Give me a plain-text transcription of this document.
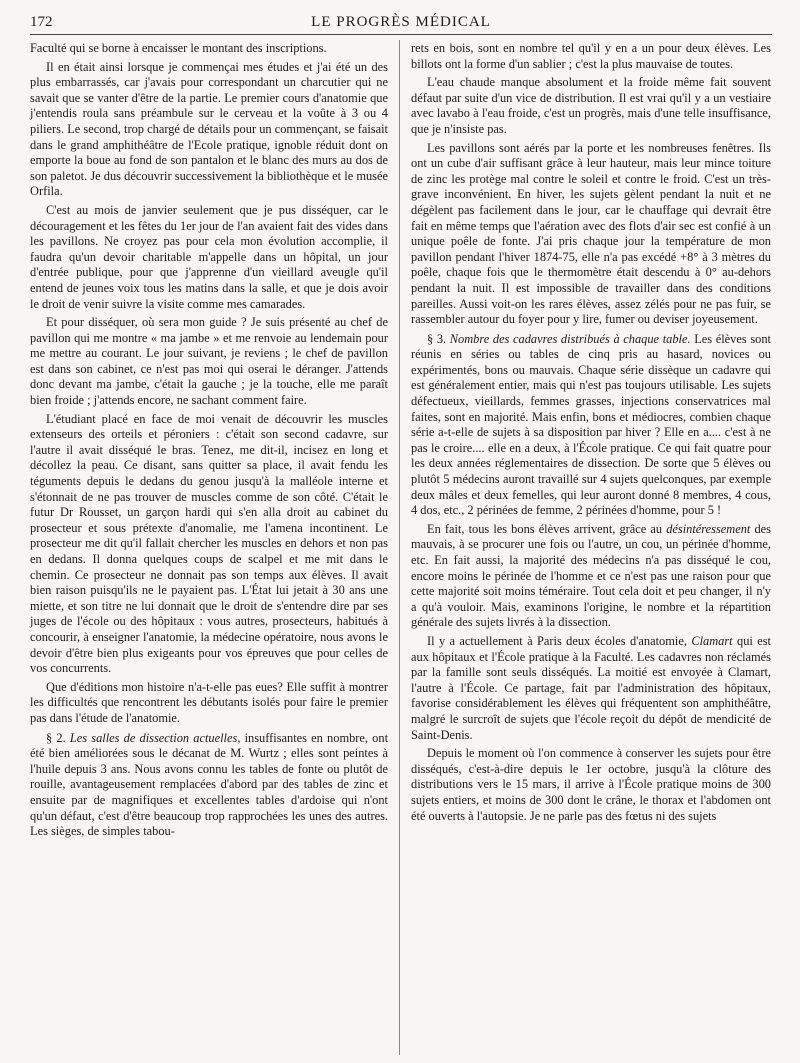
172	LE PROGRÈS MÉDICAL

Faculté qui se borne à encaisser le montant des inscriptions.

Il en était ainsi lorsque je commençai mes études et j'ai été un des plus embarrassés, car j'avais pour correspondant un charcutier qui ne savait que se vanter d'être de la partie. Le premier cours d'anatomie que j'entendis roula sans préambule sur le cerveau et la voûte à 3 ou 4 piliers. Le second, trop chargé de détails pour un commençant, se faisait dans le grand amphithéâtre de l'Ecole pratique, ignoble réduit dont on emporte la boue au fond de son pantalon et le blanc des murs au dos de son paletot. Je dus découvrir successivement la bibliothèque et le musée Orfila.

C'est au mois de janvier seulement que je pus disséquer, car le découragement et les fêtes du 1er jour de l'an avaient fait des vides dans les pavillons. Ne croyez pas pour cela mon évolution accomplie, il faudra qu'un devoir charitable m'appelle dans un hôpital, un jour d'entrée publique, pour que j'apprenne d'un vieillard aveugle qu'il entend de jeunes voix tous les matins dans la salle, et que je dois avoir le droit de venir suivre la visite comme mes camarades.

Et pour disséquer, où sera mon guide ? Je suis présenté au chef de pavillon qui me montre « ma jambe » et me renvoie au lendemain pour me mettre au courant. Le jour suivant, je reviens ; le chef de pavillon est dans son cabinet, ce n'est pas moi qui oserai le déranger. J'attends donc devant ma jambe, c'était la gauche ; je la touche, elle me paraît bien froide ; j'attends encore, ne sachant comment faire.

L'étudiant placé en face de moi venait de découvrir les muscles extenseurs des orteils et péroniers : c'était son second cadavre, sur l'autre il avait disséqué le bras. Tenez, me dit-il, incisez en long et décollez la peau. Ce disant, sans quitter sa place, il avait fendu les téguments depuis le dedans du genou jusqu'à la malléole interne et s'étonnait de ne pas trouver de muscles comme de son côté. C'était le futur Dr Rousset, un garçon hardi qui s'en alla droit au cabinet du prosecteur et sous prétexte d'anomalie, me l'amena incontinent. Le prosecteur me dit qu'il fallait chercher les muscles en dehors et non pas en dedans. Il donna quelques coups de scalpel et me mit dans le chemin. Ce prosecteur ne donnait pas son temps aux élèves. Il avait bien raison puisqu'ils ne le payaient pas. L'État lui jetait à 30 ans une miette, et son titre ne lui donnait que le droit de s'entendre dire par ses juges de l'école ou des hôpitaux : vous autres, prosecteurs, habitués à concourir, à enseigner l'anatomie, la médecine opératoire, nous avons le devoir d'être bien plus exigeants pour vos épreuves que pour celles de vos concurrents.

Que d'éditions mon histoire n'a-t-elle pas eues? Elle suffit à montrer les difficultés que rencontrent les débutants isolés pour faire le premier pas dans l'étude de l'anatomie.

§ 2. Les salles de dissection actuelles, insuffisantes en nombre, ont été bien améliorées sous le décanat de M. Wurtz ; elles sont peintes à l'huile depuis 3 ans. Nous avons connu les tables de fonte ou plutôt de rouille, avantageusement remplacées d'abord par des tables de zinc et ensuite par de magnifiques et excellentes tables d'ardoise qui n'ont qu'un défaut, c'est d'être beaucoup trop rapprochées les unes des autres. Les sièges, de simples tabou-

rets en bois, sont en nombre tel qu'il y en a un pour deux élèves. Les billots ont la forme d'un sablier ; c'est la plus mauvaise de toutes.

L'eau chaude manque absolument et la froide même fait souvent défaut par suite d'un vice de distribution. Il est vrai qu'il y a un vestiaire avec lavabo à l'eau froide, c'est un progrès, mais d'une telle insuffisance, que je n'insiste pas.

Les pavillons sont aérés par la porte et les nombreuses fenêtres. Ils ont un cube d'air suffisant grâce à leur hauteur, mais leur mince toiture de zinc les protège mal contre le soleil et contre le froid. C'est un très-grave inconvénient. En hiver, les sujets gèlent pendant la nuit et ne dégèlent pas facilement dans le jour, car le chauffage qui devrait être fait en même temps que l'aération avec des flots d'air sec est confié à un unique poêle de fonte. J'ai pris chaque jour la température de mon pavillon pendant l'hiver 1874-75, elle n'a pas excédé +8° à 3 mètres du poêle, chaque fois que le thermomètre était descendu à 0° au-dehors pendant la nuit. Il est impossible de travailler dans des conditions pareilles. Aussi voit-on les rares élèves, assez zélés pour ne pas fuir, se rassembler autour du foyer pour y lire, fumer ou deviser joyeusement.

§ 3. Nombre des cadavres distribués à chaque table. Les élèves sont réunis en séries ou tables de cinq pris au hasard, novices ou expérimentés, bons ou mauvais. Chaque série dissèque un cadavre qui est généralement entier, mais qui n'est pas toujours utilisable. Les sujets défectueux, vieillards, femmes grasses, injections conservatrices mal faites, sont en majorité. Mais enfin, bons et médiocres, combien chaque série a-t-elle de sujets à sa disposition par hiver ? Elle en a.... c'est à ne pas le croire.... elle en a deux, à l'École pratique. Ce qui fait quatre pour les deux années réglementaires de dissection. De sorte que 5 élèves ou plutôt 5 médecins auront travaillé sur 4 sujets quelconques, par exemple deux mâles et deux femelles, qui leur auront donné 8 membres, 4 cous, 4 dos, etc., 2 périnées de femme, 2 périnées d'homme, pour 5 !

En fait, tous les bons élèves arrivent, grâce au désintéressement des mauvais, à se procurer une fois ou l'autre, un cou, un périnée d'homme, etc. En fait aussi, la majorité des médecins n'a pas disséqué le cou, encore moins le périnée de l'homme et ce n'est pas une raison pour que cette majorité soit moins téméraire. Tout cela doit et peu changer, il n'y a qu'à vouloir. Mais, examinons l'origine, le nombre et la répartition générale des sujets livrés à la dissection.

Il y a actuellement à Paris deux écoles d'anatomie, Clamart qui est aux hôpitaux et l'École pratique à la Faculté. Les cadavres non réclamés par la famille sont seuls disséqués. La moitié est envoyée à Clamart, l'autre à l'École. Ce partage, fait par l'administration des hôpitaux, favorise considérablement les élèves qui fréquentent son amphithéâtre, malgré le surcroît de sujets que l'école reçoit du dépôt de mendicité de Saint-Denis.

Depuis le moment où l'on commence à conserver les sujets pour être disséqués, c'est-à-dire depuis le 1er octobre, jusqu'à la clôture des distributions vers le 15 mars, il arrive à l'École pratique moins de 300 sujets entiers, et moins de 300 dont le crâne, le thorax et l'abdomen ont été ouverts à l'autopsie. Je ne parle pas des fœtus ni des sujets
